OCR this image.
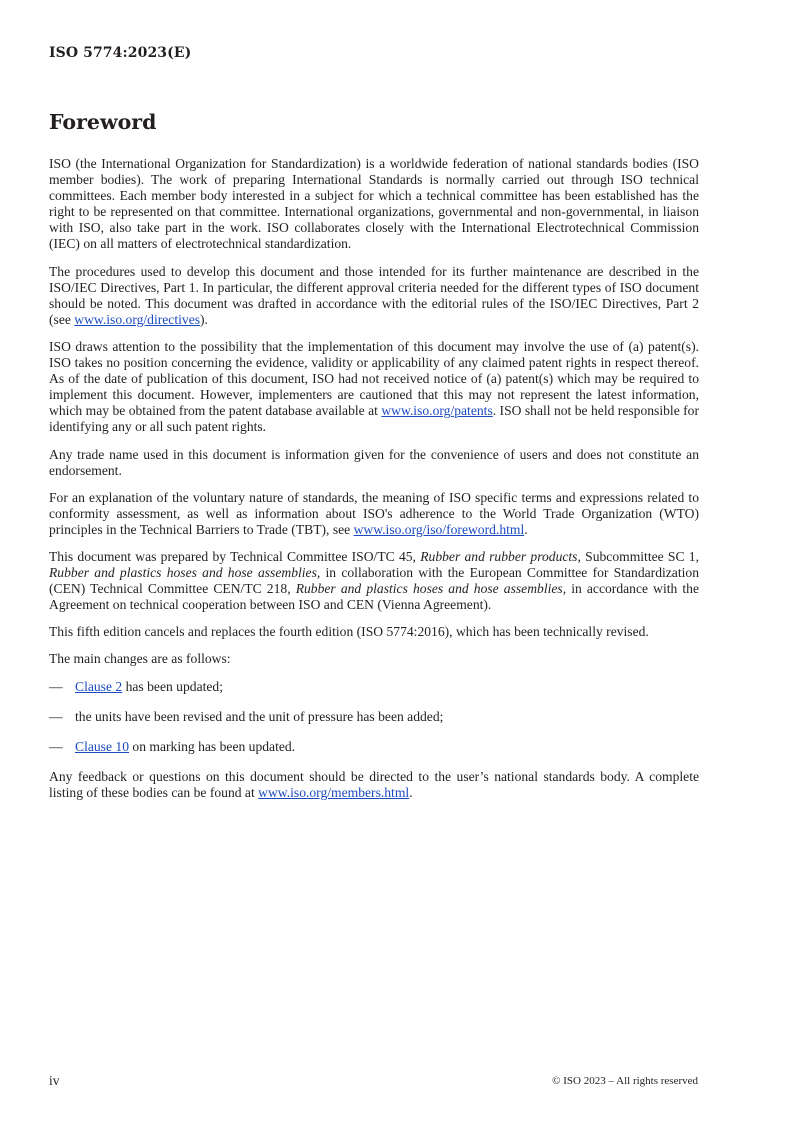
ISO 5774:2023(E)
Foreword

ISO (the International Organization for Standardization) is a worldwide federation of national standards bodies (ISO member bodies). The work of preparing International Standards is normally carried out through ISO technical committees. Each member body interested in a subject for which a technical committee has been established has the right to be represented on that committee. International organizations, governmental and non-governmental, in liaison with ISO, also take part in the work. ISO collaborates closely with the International Electrotechnical Commission (IEC) on all matters of electrotechnical standardization.

The procedures used to develop this document and those intended for its further maintenance are described in the ISO/IEC Directives, Part 1. In particular, the different approval criteria needed for the different types of ISO document should be noted. This document was drafted in accordance with the editorial rules of the ISO/IEC Directives, Part 2 (see www.iso.org/directives).

ISO draws attention to the possibility that the implementation of this document may involve the use of (a) patent(s). ISO takes no position concerning the evidence, validity or applicability of any claimed patent rights in respect thereof. As of the date of publication of this document, ISO had not received notice of (a) patent(s) which may be required to implement this document. However, implementers are cautioned that this may not represent the latest information, which may be obtained from the patent database available at www.iso.org/patents. ISO shall not be held responsible for identifying any or all such patent rights.

Any trade name used in this document is information given for the convenience of users and does not constitute an endorsement.

For an explanation of the voluntary nature of standards, the meaning of ISO specific terms and expressions related to conformity assessment, as well as information about ISO's adherence to the World Trade Organization (WTO) principles in the Technical Barriers to Trade (TBT), see www.iso.org/iso/foreword.html.

This document was prepared by Technical Committee ISO/TC 45, Rubber and rubber products, Subcommittee SC 1, Rubber and plastics hoses and hose assemblies, in collaboration with the European Committee for Standardization (CEN) Technical Committee CEN/TC 218, Rubber and plastics hoses and hose assemblies, in accordance with the Agreement on technical cooperation between ISO and CEN (Vienna Agreement).

This fifth edition cancels and replaces the fourth edition (ISO 5774:2016), which has been technically revised.

The main changes are as follows:

— Clause 2 has been updated;
— the units have been revised and the unit of pressure has been added;
— Clause 10 on marking has been updated.

Any feedback or questions on this document should be directed to the user’s national standards body. A complete listing of these bodies can be found at www.iso.org/members.html.

iv	© ISO 2023 – All rights reserved
